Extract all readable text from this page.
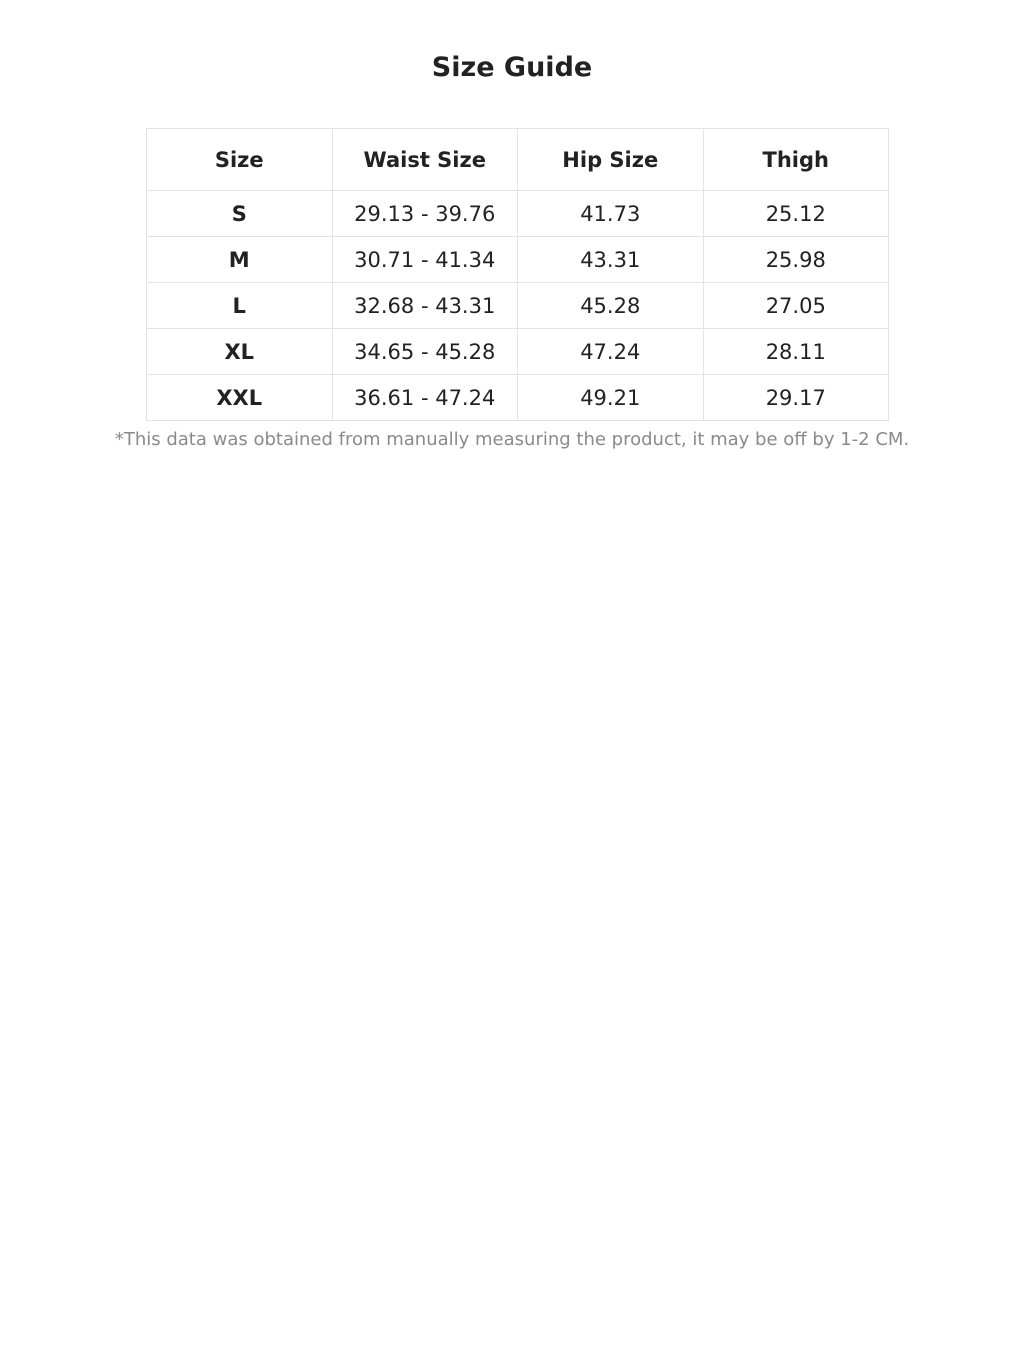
Size Guide
Size	Waist Size	Hip Size	Thigh
S	29.13 - 39.76	41.73	25.12
M	30.71 - 41.34	43.31	25.98
L	32.68 - 43.31	45.28	27.05
XL	34.65 - 45.28	47.24	28.11
XXL	36.61 - 47.24	49.21	29.17

*This data was obtained from manually measuring the product, it may be off by 1-2 CM.
